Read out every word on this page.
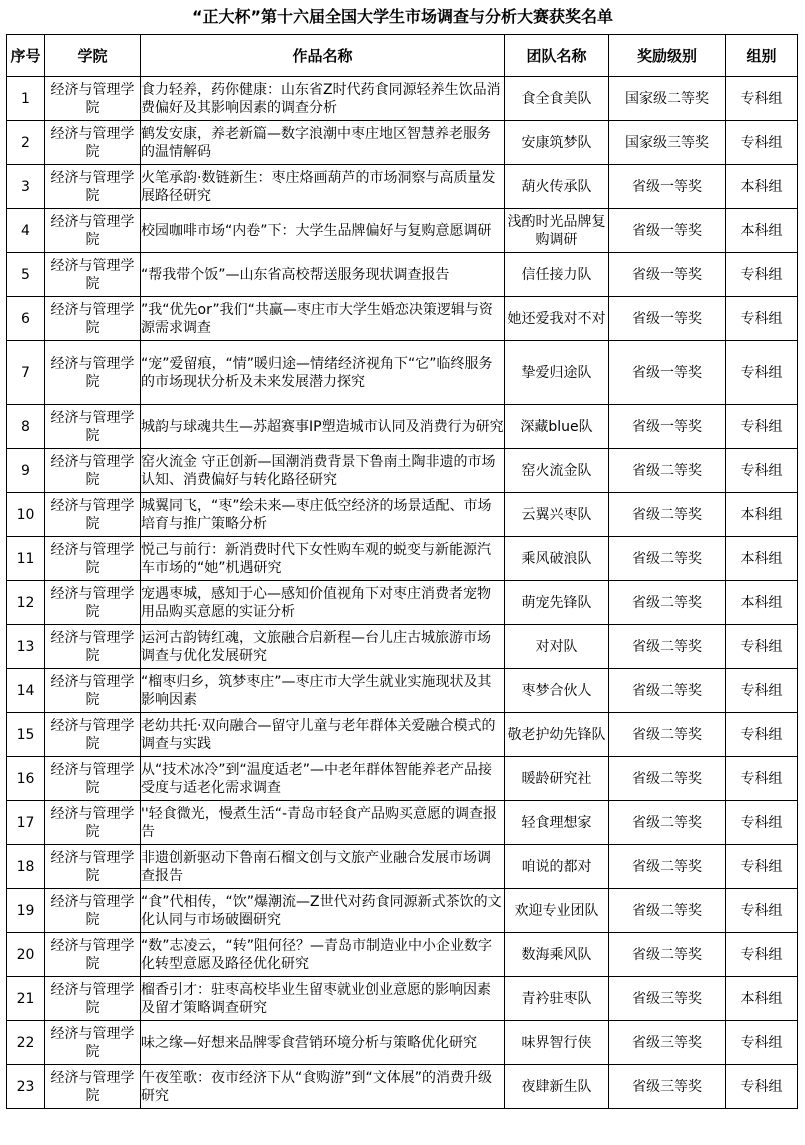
“正大杯”第十六届全国大学生市场调查与分析大赛获奖名单
序号	学院	作品名称	团队名称	奖励级别	组别
1	经济与管理学院	食力轻养，药你健康：山东省Z时代药食同源轻养生饮品消费偏好及其影响因素的调查分析	食全食美队	国家级二等奖	专科组
2	经济与管理学院	鹤发安康，养老新篇—数字浪潮中枣庄地区智慧养老服务的温情解码	安康筑梦队	国家级三等奖	专科组
3	经济与管理学院	火笔承韵·数链新生：枣庄烙画葫芦的市场洞察与高质量发展路径研究	葫火传承队	省级一等奖	本科组
4	经济与管理学院	校园咖啡市场“内卷”下：大学生品牌偏好与复购意愿调研	浅酌时光品牌复购调研	省级一等奖	本科组
5	经济与管理学院	“帮我带个饭”—山东省高校帮送服务现状调查报告	信任接力队	省级一等奖	专科组
6	经济与管理学院	”我“优先or”我们“共赢—枣庄市大学生婚恋决策逻辑与资源需求调查	她还爱我对不对	省级一等奖	专科组
7	经济与管理学院	“宠”爱留痕，“情”暖归途—情绪经济视角下“它”临终服务的市场现状分析及未来发展潜力探究	挚爱归途队	省级一等奖	专科组
8	经济与管理学院	城韵与球魂共生—苏超赛事IP塑造城市认同及消费行为研究	深藏blue队	省级一等奖	专科组
9	经济与管理学院	窑火流金 守正创新—国潮消费背景下鲁南土陶非遗的市场认知、消费偏好与转化路径研究	窑火流金队	省级二等奖	专科组
10	经济与管理学院	城翼同飞，“枣”绘未来—枣庄低空经济的场景适配、市场培育与推广策略分析	云翼兴枣队	省级二等奖	本科组
11	经济与管理学院	悦己与前行：新消费时代下女性购车观的蜕变与新能源汽车市场的“她”机遇研究	乘风破浪队	省级二等奖	本科组
12	经济与管理学院	宠遇枣城，感知于心—感知价值视角下对枣庄消费者宠物用品购买意愿的实证分析	萌宠先锋队	省级二等奖	本科组
13	经济与管理学院	运河古韵铸红魂，文旅融合启新程—台儿庄古城旅游市场调查与优化发展研究	对对队	省级二等奖	专科组
14	经济与管理学院	“榴枣归乡，筑梦枣庄”—枣庄市大学生就业实施现状及其影响因素	枣梦合伙人	省级二等奖	专科组
15	经济与管理学院	老幼共托·双向融合—留守儿童与老年群体关爱融合模式的调查与实践	敬老护幼先锋队	省级二等奖	专科组
16	经济与管理学院	从“技术冰冷”到“温度适老”—中老年群体智能养老产品接受度与适老化需求调查	暖龄研究社	省级二等奖	专科组
17	经济与管理学院	''轻食微光，慢煮生活“-青岛市轻食产品购买意愿的调查报告	轻食理想家	省级二等奖	专科组
18	经济与管理学院	非遗创新驱动下鲁南石榴文创与文旅产业融合发展市场调查报告	咱说的都对	省级二等奖	专科组
19	经济与管理学院	“食”代相传，“饮”爆潮流—Z世代对药食同源新式茶饮的文化认同与市场破圈研究	欢迎专业团队	省级二等奖	专科组
20	经济与管理学院	“数”志凌云，“转”阻何径？—青岛市制造业中小企业数字化转型意愿及路径优化研究	数海乘风队	省级二等奖	专科组
21	经济与管理学院	榴香引才：驻枣高校毕业生留枣就业创业意愿的影响因素及留才策略调查研究	青衿驻枣队	省级三等奖	本科组
22	经济与管理学院	味之缘—好想来品牌零食营销环境分析与策略优化研究	味界智行侠	省级三等奖	专科组
23	经济与管理学院	午夜笙歌：夜市经济下从“食购游”到“文体展”的消费升级研究	夜肆新生队	省级三等奖	专科组
